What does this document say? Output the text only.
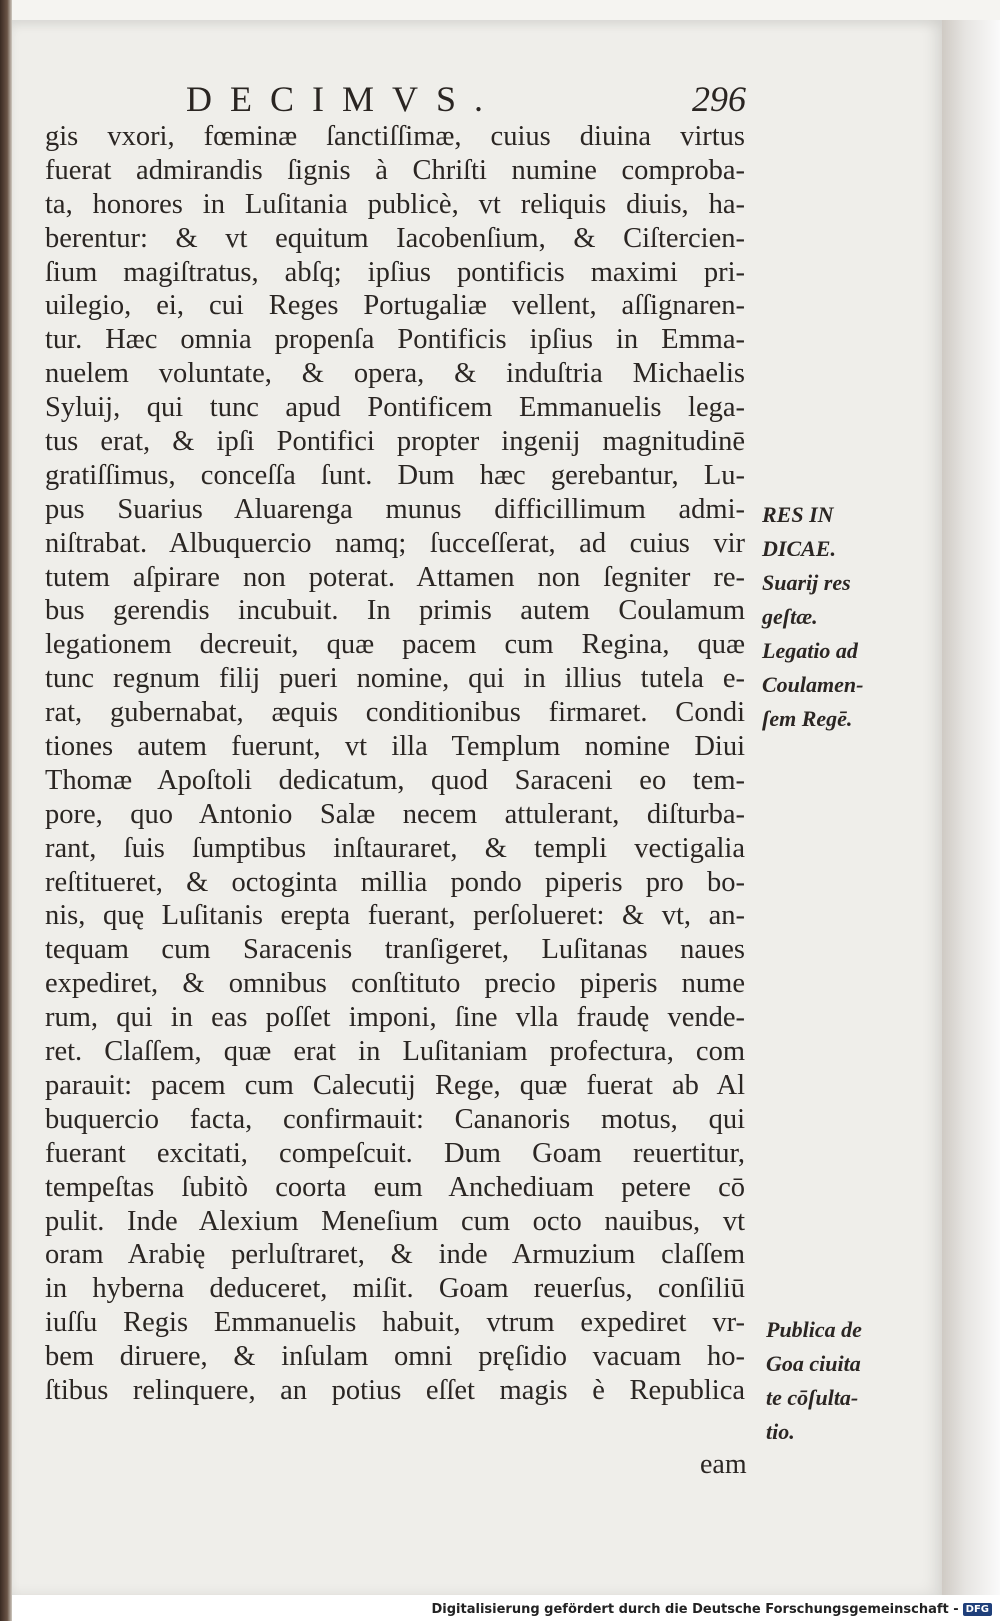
DECIMVS.	296
gis vxori, fœminæ ſanctiſſimæ, cuius diuina virtus
fuerat admirandis ſignis à Chriſti numine comproba-
ta, honores in Luſitania publicè, vt reliquis diuis, ha-
berentur: & vt equitum Iacobenſium, & Ciſtercien-
ſium magiſtratus, abſq; ipſius pontificis maximi pri-
uilegio, ei, cui Reges Portugaliæ vellent, aſſignaren-
tur. Hæc omnia propenſa Pontificis ipſius in Emma-
nuelem voluntate, & opera, & induſtria Michaelis
Syluij, qui tunc apud Pontificem Emmanuelis lega-
tus erat, & ipſi Pontifici propter ingenij magnitudinē
gratiſſimus, conceſſa ſunt. Dum hæc gerebantur, Lu-
pus Suarius Aluarenga munus difficillimum admi-
niſtrabat. Albuquercio namq; ſucceſſerat, ad cuius vir
tutem aſpirare non poterat. Attamen non ſegniter re-
bus gerendis incubuit. In primis autem Coulamum
legationem decreuit, quæ pacem cum Regina, quæ
tunc regnum filij pueri nomine, qui in illius tutela e-
rat, gubernabat, æquis conditionibus firmaret. Condi
tiones autem fuerunt, vt illa Templum nomine Diui
Thomæ Apoſtoli dedicatum, quod Saraceni eo tem-
pore, quo Antonio Salæ necem attulerant, diſturba-
rant, ſuis ſumptibus inſtauraret, & templi vectigalia
reſtitueret, & octoginta millia pondo piperis pro bo-
nis, quę Luſitanis erepta fuerant, perſolueret: & vt, an-
tequam cum Saracenis tranſigeret, Luſitanas naues
expediret, & omnibus conſtituto precio piperis nume
rum, qui in eas poſſet imponi, ſine vlla fraudę vende-
ret. Claſſem, quæ erat in Luſitaniam profectura, com
parauit: pacem cum Calecutij Rege, quæ fuerat ab Al
buquercio facta, confirmauit: Cananoris motus, qui
fuerant excitati, compeſcuit. Dum Goam reuertitur,
tempeſtas ſubitò coorta eum Anchediuam petere cō
pulit. Inde Alexium Meneſium cum octo nauibus, vt
oram Arabię perluſtraret, & inde Armuzium claſſem
in hyberna deduceret, miſit. Goam reuerſus, conſiliū
iuſſu Regis Emmanuelis habuit, vtrum expediret vr-
bem diruere, & inſulam omni pręſidio vacuam ho-
ſtibus relinquere, an potius eſſet magis è Republica
eam
RES IN
DICAE.
Suarij res
geſtæ.
Legatio ad
Coulamen-
ſem Regē.
Publica de
Goa ciuita
te cōſulta-
tio.
Digitalisierung gefördert durch die Deutsche Forschungsgemeinschaft - DFG
